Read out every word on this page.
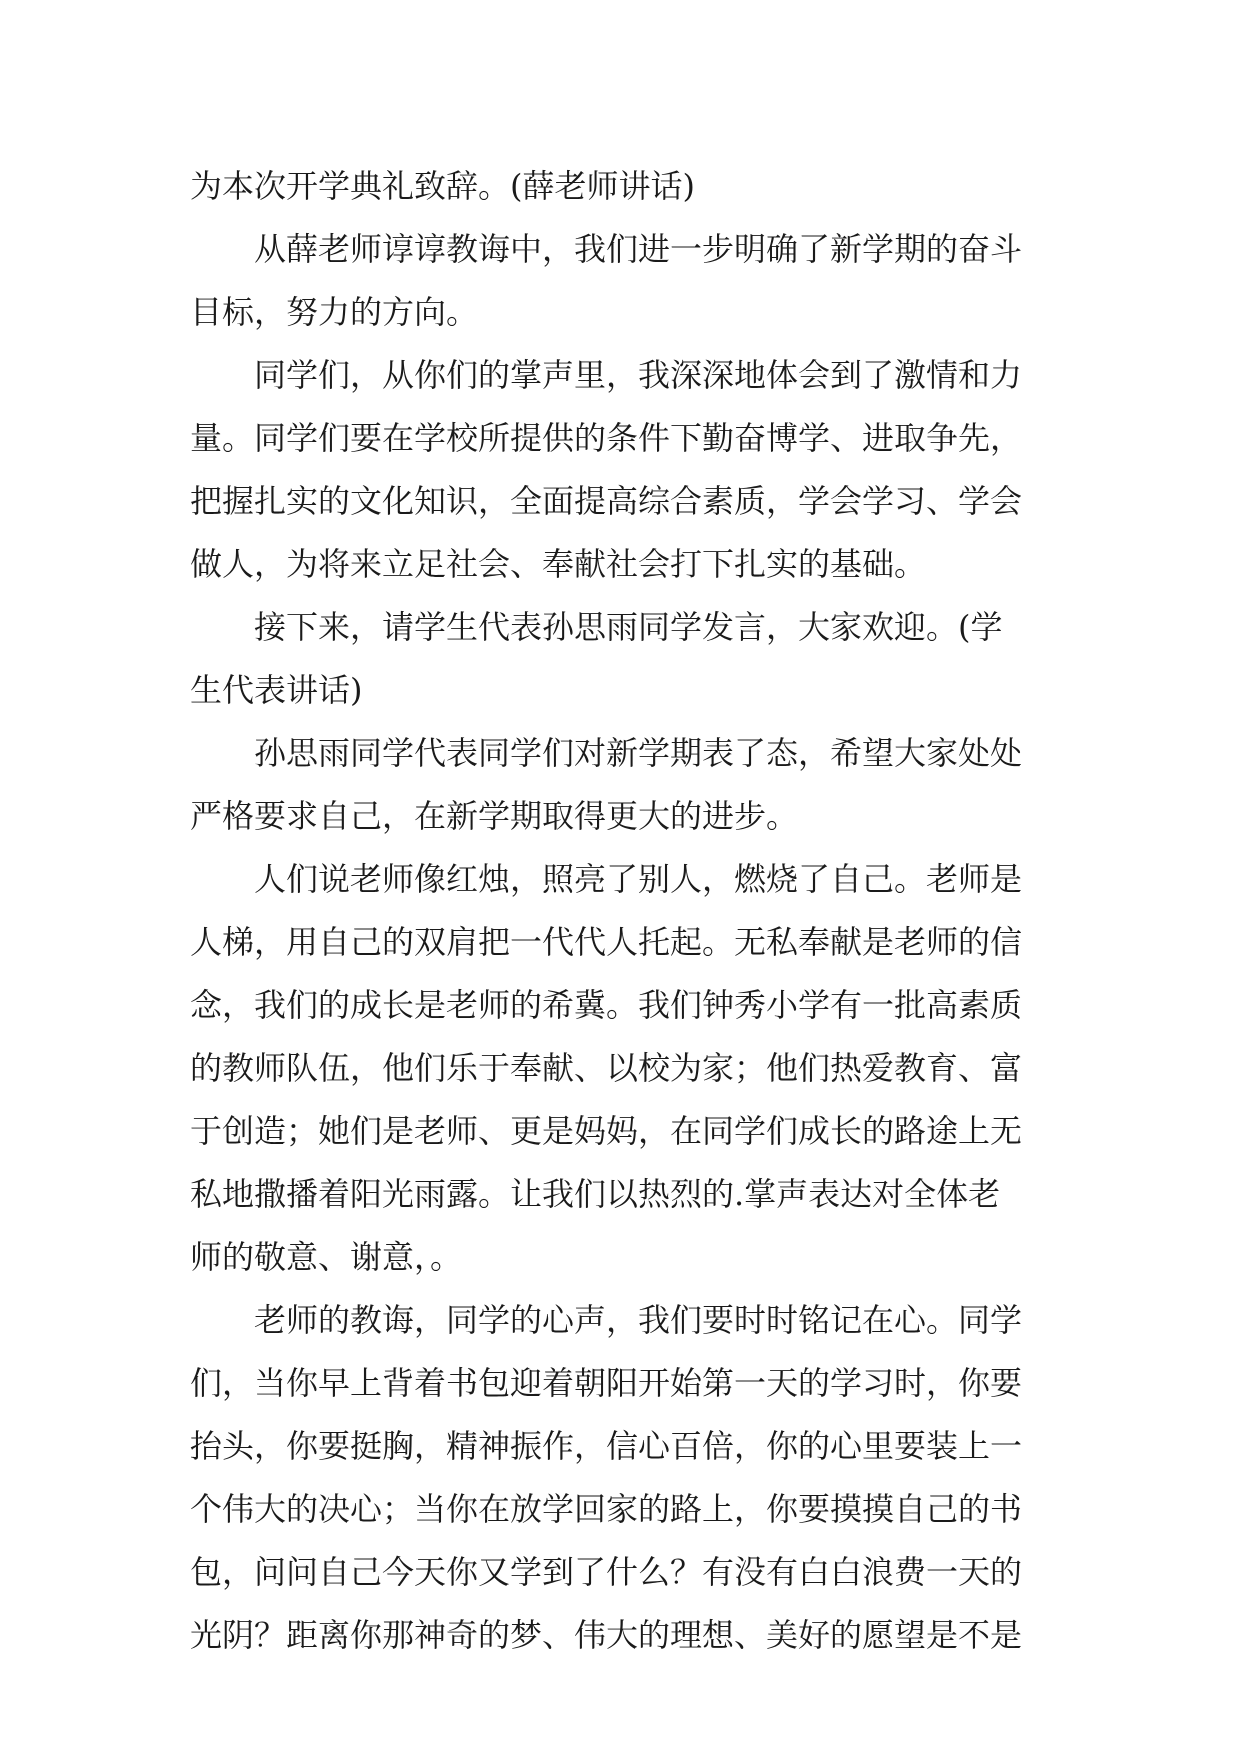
为本次开学典礼致辞。(薛老师讲话)
从薛老师谆谆教诲中，我们进一步明确了新学期的奋斗
目标，努力的方向。
同学们，从你们的掌声里，我深深地体会到了激情和力
量。同学们要在学校所提供的条件下勤奋博学、进取争先，
把握扎实的文化知识，全面提高综合素质，学会学习、学会
做人，为将来立足社会、奉献社会打下扎实的基础。
接下来，请学生代表孙思雨同学发言，大家欢迎。(学
生代表讲话)
孙思雨同学代表同学们对新学期表了态，希望大家处处
严格要求自己，在新学期取得更大的进步。
人们说老师像红烛，照亮了别人，燃烧了自己。老师是
人梯，用自己的双肩把一代代人托起。无私奉献是老师的信
念，我们的成长是老师的希冀。我们钟秀小学有一批高素质
的教师队伍，他们乐于奉献、以校为家；他们热爱教育、富
于创造；她们是老师、更是妈妈，在同学们成长的路途上无
私地撒播着阳光雨露。让我们以热烈的.掌声表达对全体老
师的敬意、谢意，。
老师的教诲，同学的心声，我们要时时铭记在心。同学
们，当你早上背着书包迎着朝阳开始第一天的学习时，你要
抬头，你要挺胸，精神振作，信心百倍，你的心里要装上一
个伟大的决心；当你在放学回家的路上，你要摸摸自己的书
包，问问自己今天你又学到了什么？有没有白白浪费一天的
光阴？距离你那神奇的梦、伟大的理想、美好的愿望是不是
